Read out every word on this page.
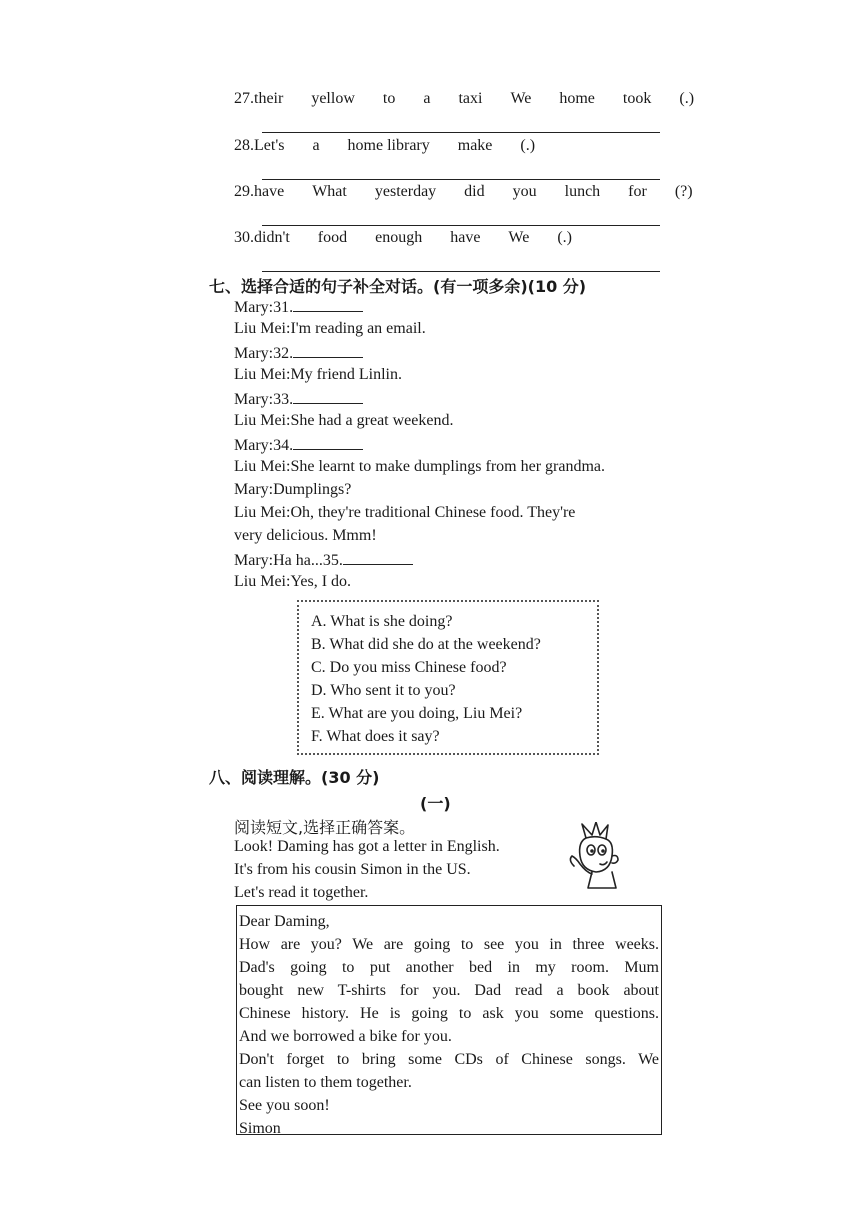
27.their yellow to a taxi We home took (.)
28.Let's a home library make (.)
29.have What yesterday did you lunch for (?)
30.didn't food enough have We (.)
七、选择合适的句子补全对话。(有一项多余)(10 分)
Mary:31.
Liu Mei:I'm reading an email.
Mary:32.
Liu Mei:My friend Linlin.
Mary:33.
Liu Mei:She had a great weekend.
Mary:34.
Liu Mei:She learnt to make dumplings from her grandma.
Mary:Dumplings?
Liu Mei:Oh, they're traditional Chinese food. They're
very delicious. Mmm!
Mary:Ha ha...35.
Liu Mei:Yes, I do.
A. What is she doing?
B. What did she do at the weekend?
C. Do you miss Chinese food?
D. Who sent it to you?
E. What are you doing, Liu Mei?
F. What does it say?
八、阅读理解。(30 分)
(一)
阅读短文,选择正确答案。
Look! Daming has got a letter in English.
It's from his cousin Simon in the US.
Let's read it together.
Dear Daming,
How are you? We are going to see you in three weeks.
Dad's going to put another bed in my room. Mum
bought new T-shirts for you. Dad read a book about
Chinese history. He is going to ask you some questions.
And we borrowed a bike for you.
Don't forget to bring some CDs of Chinese songs. We
can listen to them together.
See you soon!
Simon
